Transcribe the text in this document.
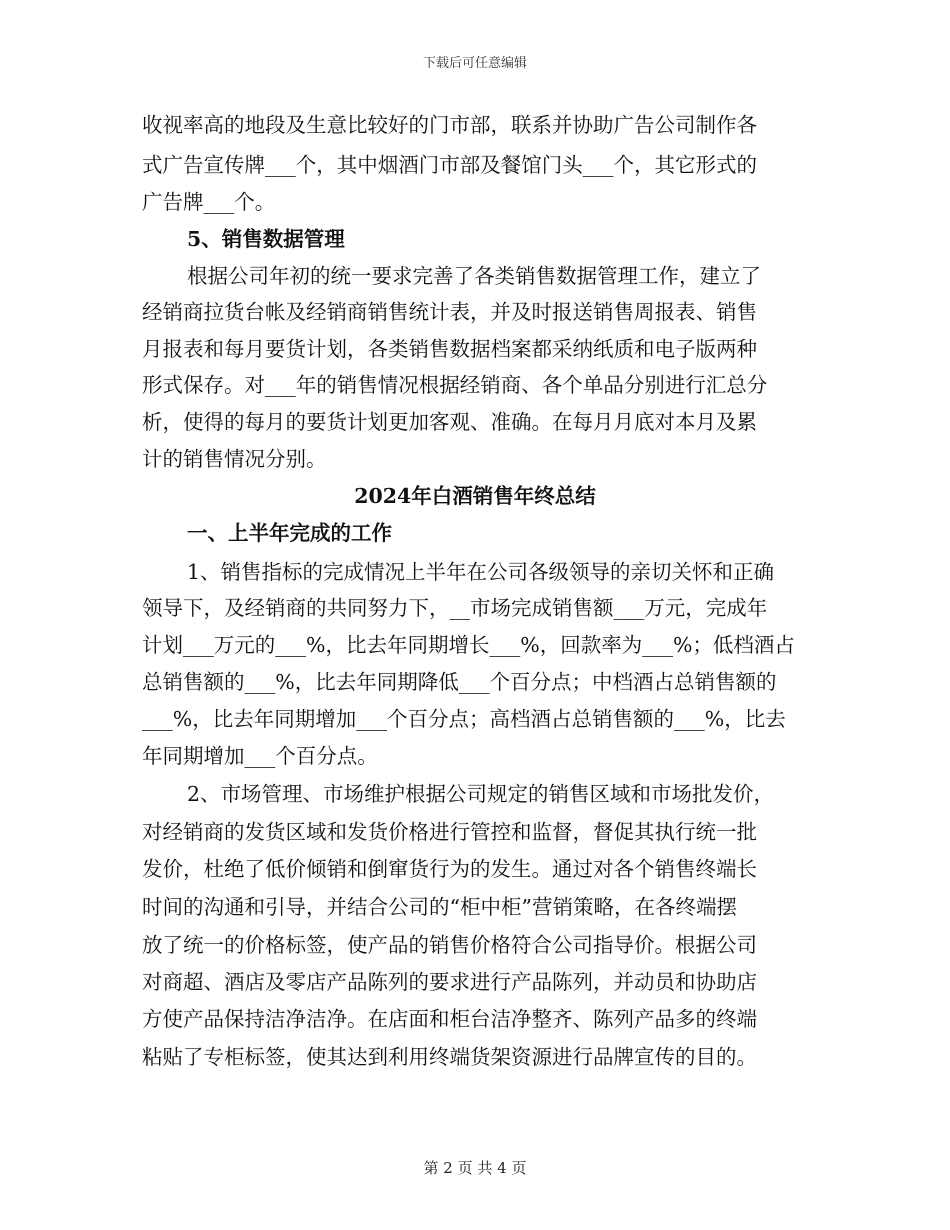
下载后可任意编辑
收视率高的地段及生意比较好的门市部，联系并协助广告公司制作各
式广告宣传牌___个，其中烟酒门市部及餐馆门头___个，其它形式的
广告牌___个。
5、销售数据管理
根据公司年初的统一要求完善了各类销售数据管理工作，建立了
经销商拉货台帐及经销商销售统计表，并及时报送销售周报表、销售
月报表和每月要货计划，各类销售数据档案都采纳纸质和电子版两种
形式保存。对___年的销售情况根据经销商、各个单品分别进行汇总分
析，使得的每月的要货计划更加客观、准确。在每月月底对本月及累
计的销售情况分别。
2024年白酒销售年终总结
一、上半年完成的工作
1、销售指标的完成情况上半年在公司各级领导的亲切关怀和正确
领导下，及经销商的共同努力下，__市场完成销售额___万元，完成年
计划___万元的___%，比去年同期增长___%，回款率为___%；低档酒占
总销售额的___%，比去年同期降低___个百分点；中档酒占总销售额的
___%，比去年同期增加___个百分点；高档酒占总销售额的___%，比去
年同期增加___个百分点。
2、市场管理、市场维护根据公司规定的销售区域和市场批发价，
对经销商的发货区域和发货价格进行管控和监督，督促其执行统一批
发价，杜绝了低价倾销和倒窜货行为的发生。通过对各个销售终端长
时间的沟通和引导，并结合公司的“柜中柜”营销策略，在各终端摆
放了统一的价格标签，使产品的销售价格符合公司指导价。根据公司
对商超、酒店及零店产品陈列的要求进行产品陈列，并动员和协助店
方使产品保持洁净洁净。在店面和柜台洁净整齐、陈列产品多的终端
粘贴了专柜标签，使其达到利用终端货架资源进行品牌宣传的目的。
第 2 页 共 4 页
